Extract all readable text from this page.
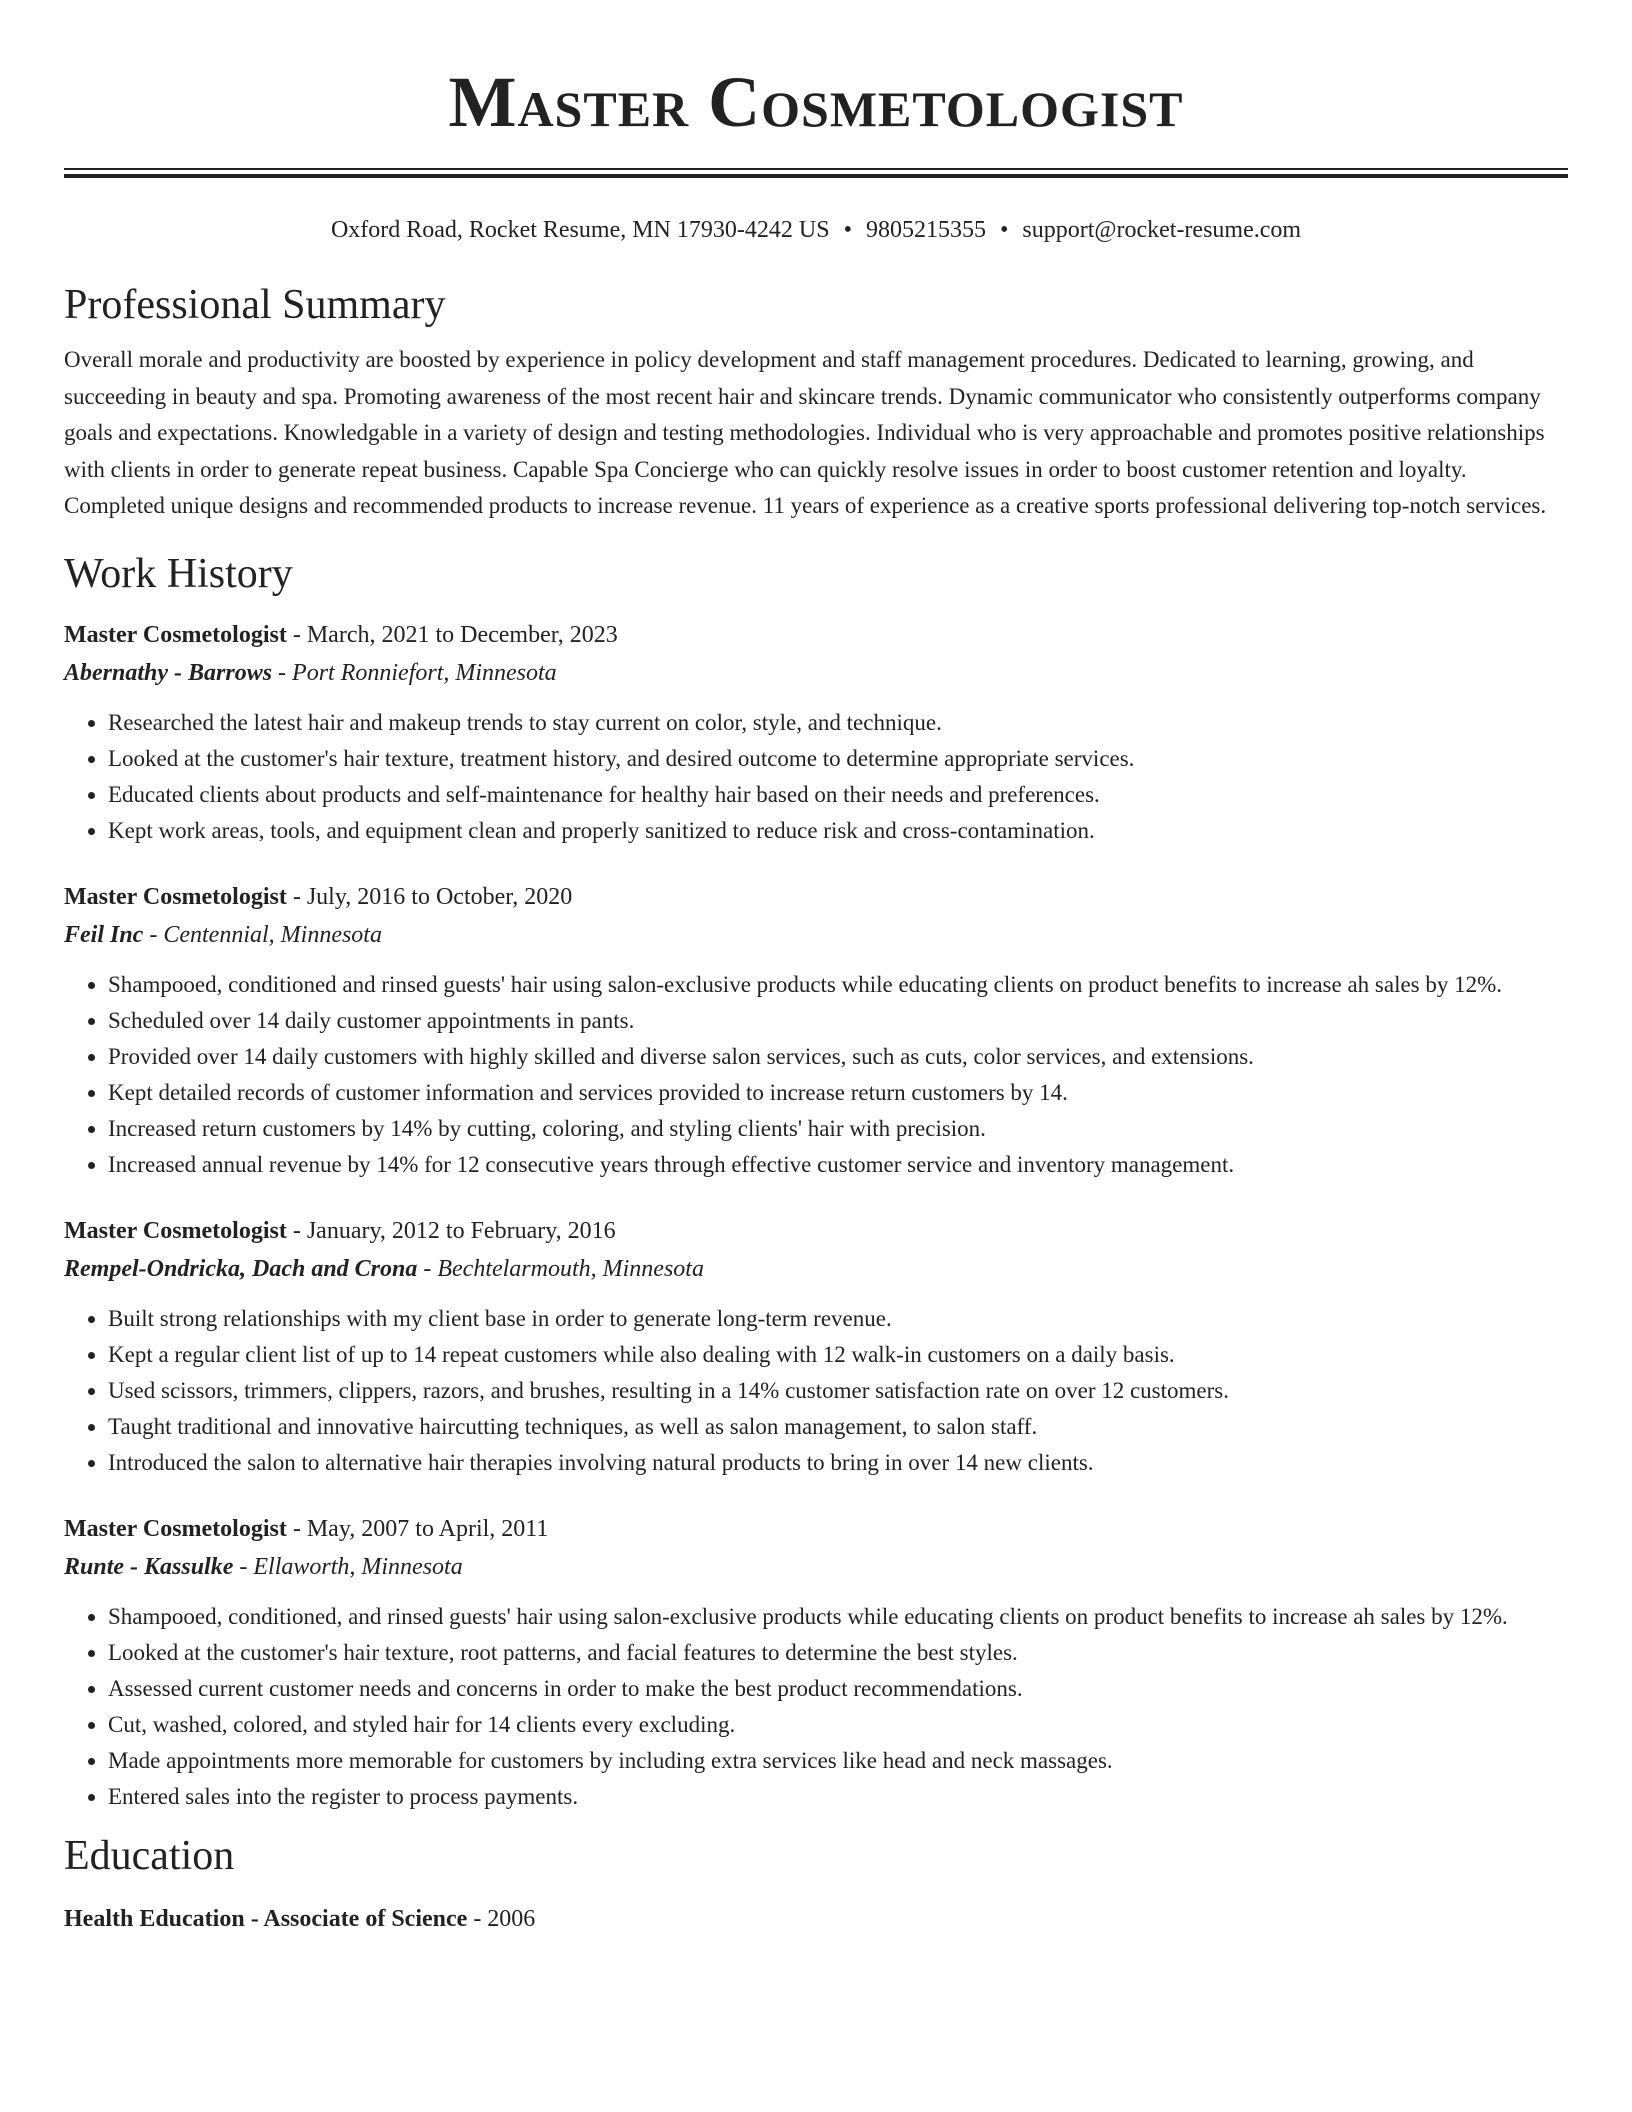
Master Cosmetologist
Oxford Road, Rocket Resume, MN 17930-4242 US • 9805215355 • support@rocket-resume.com
Professional Summary
Overall morale and productivity are boosted by experience in policy development and staff management procedures. Dedicated to learning, growing, and succeeding in beauty and spa. Promoting awareness of the most recent hair and skincare trends. Dynamic communicator who consistently outperforms company goals and expectations. Knowledgable in a variety of design and testing methodologies. Individual who is very approachable and promotes positive relationships with clients in order to generate repeat business. Capable Spa Concierge who can quickly resolve issues in order to boost customer retention and loyalty. Completed unique designs and recommended products to increase revenue. 11 years of experience as a creative sports professional delivering top-notch services.
Work History
Master Cosmetologist - March, 2021 to December, 2023
Abernathy - Barrows - Port Ronniefort, Minnesota
• Researched the latest hair and makeup trends to stay current on color, style, and technique.
• Looked at the customer's hair texture, treatment history, and desired outcome to determine appropriate services.
• Educated clients about products and self-maintenance for healthy hair based on their needs and preferences.
• Kept work areas, tools, and equipment clean and properly sanitized to reduce risk and cross-contamination.
Master Cosmetologist - July, 2016 to October, 2020
Feil Inc - Centennial, Minnesota
• Shampooed, conditioned and rinsed guests' hair using salon-exclusive products while educating clients on product benefits to increase ah sales by 12%.
• Scheduled over 14 daily customer appointments in pants.
• Provided over 14 daily customers with highly skilled and diverse salon services, such as cuts, color services, and extensions.
• Kept detailed records of customer information and services provided to increase return customers by 14.
• Increased return customers by 14% by cutting, coloring, and styling clients' hair with precision.
• Increased annual revenue by 14% for 12 consecutive years through effective customer service and inventory management.
Master Cosmetologist - January, 2012 to February, 2016
Rempel-Ondricka, Dach and Crona - Bechtelarmouth, Minnesota
• Built strong relationships with my client base in order to generate long-term revenue.
• Kept a regular client list of up to 14 repeat customers while also dealing with 12 walk-in customers on a daily basis.
• Used scissors, trimmers, clippers, razors, and brushes, resulting in a 14% customer satisfaction rate on over 12 customers.
• Taught traditional and innovative haircutting techniques, as well as salon management, to salon staff.
• Introduced the salon to alternative hair therapies involving natural products to bring in over 14 new clients.
Master Cosmetologist - May, 2007 to April, 2011
Runte - Kassulke - Ellaworth, Minnesota
• Shampooed, conditioned, and rinsed guests' hair using salon-exclusive products while educating clients on product benefits to increase ah sales by 12%.
• Looked at the customer's hair texture, root patterns, and facial features to determine the best styles.
• Assessed current customer needs and concerns in order to make the best product recommendations.
• Cut, washed, colored, and styled hair for 14 clients every excluding.
• Made appointments more memorable for customers by including extra services like head and neck massages.
• Entered sales into the register to process payments.
Education
Health Education - Associate of Science - 2006
